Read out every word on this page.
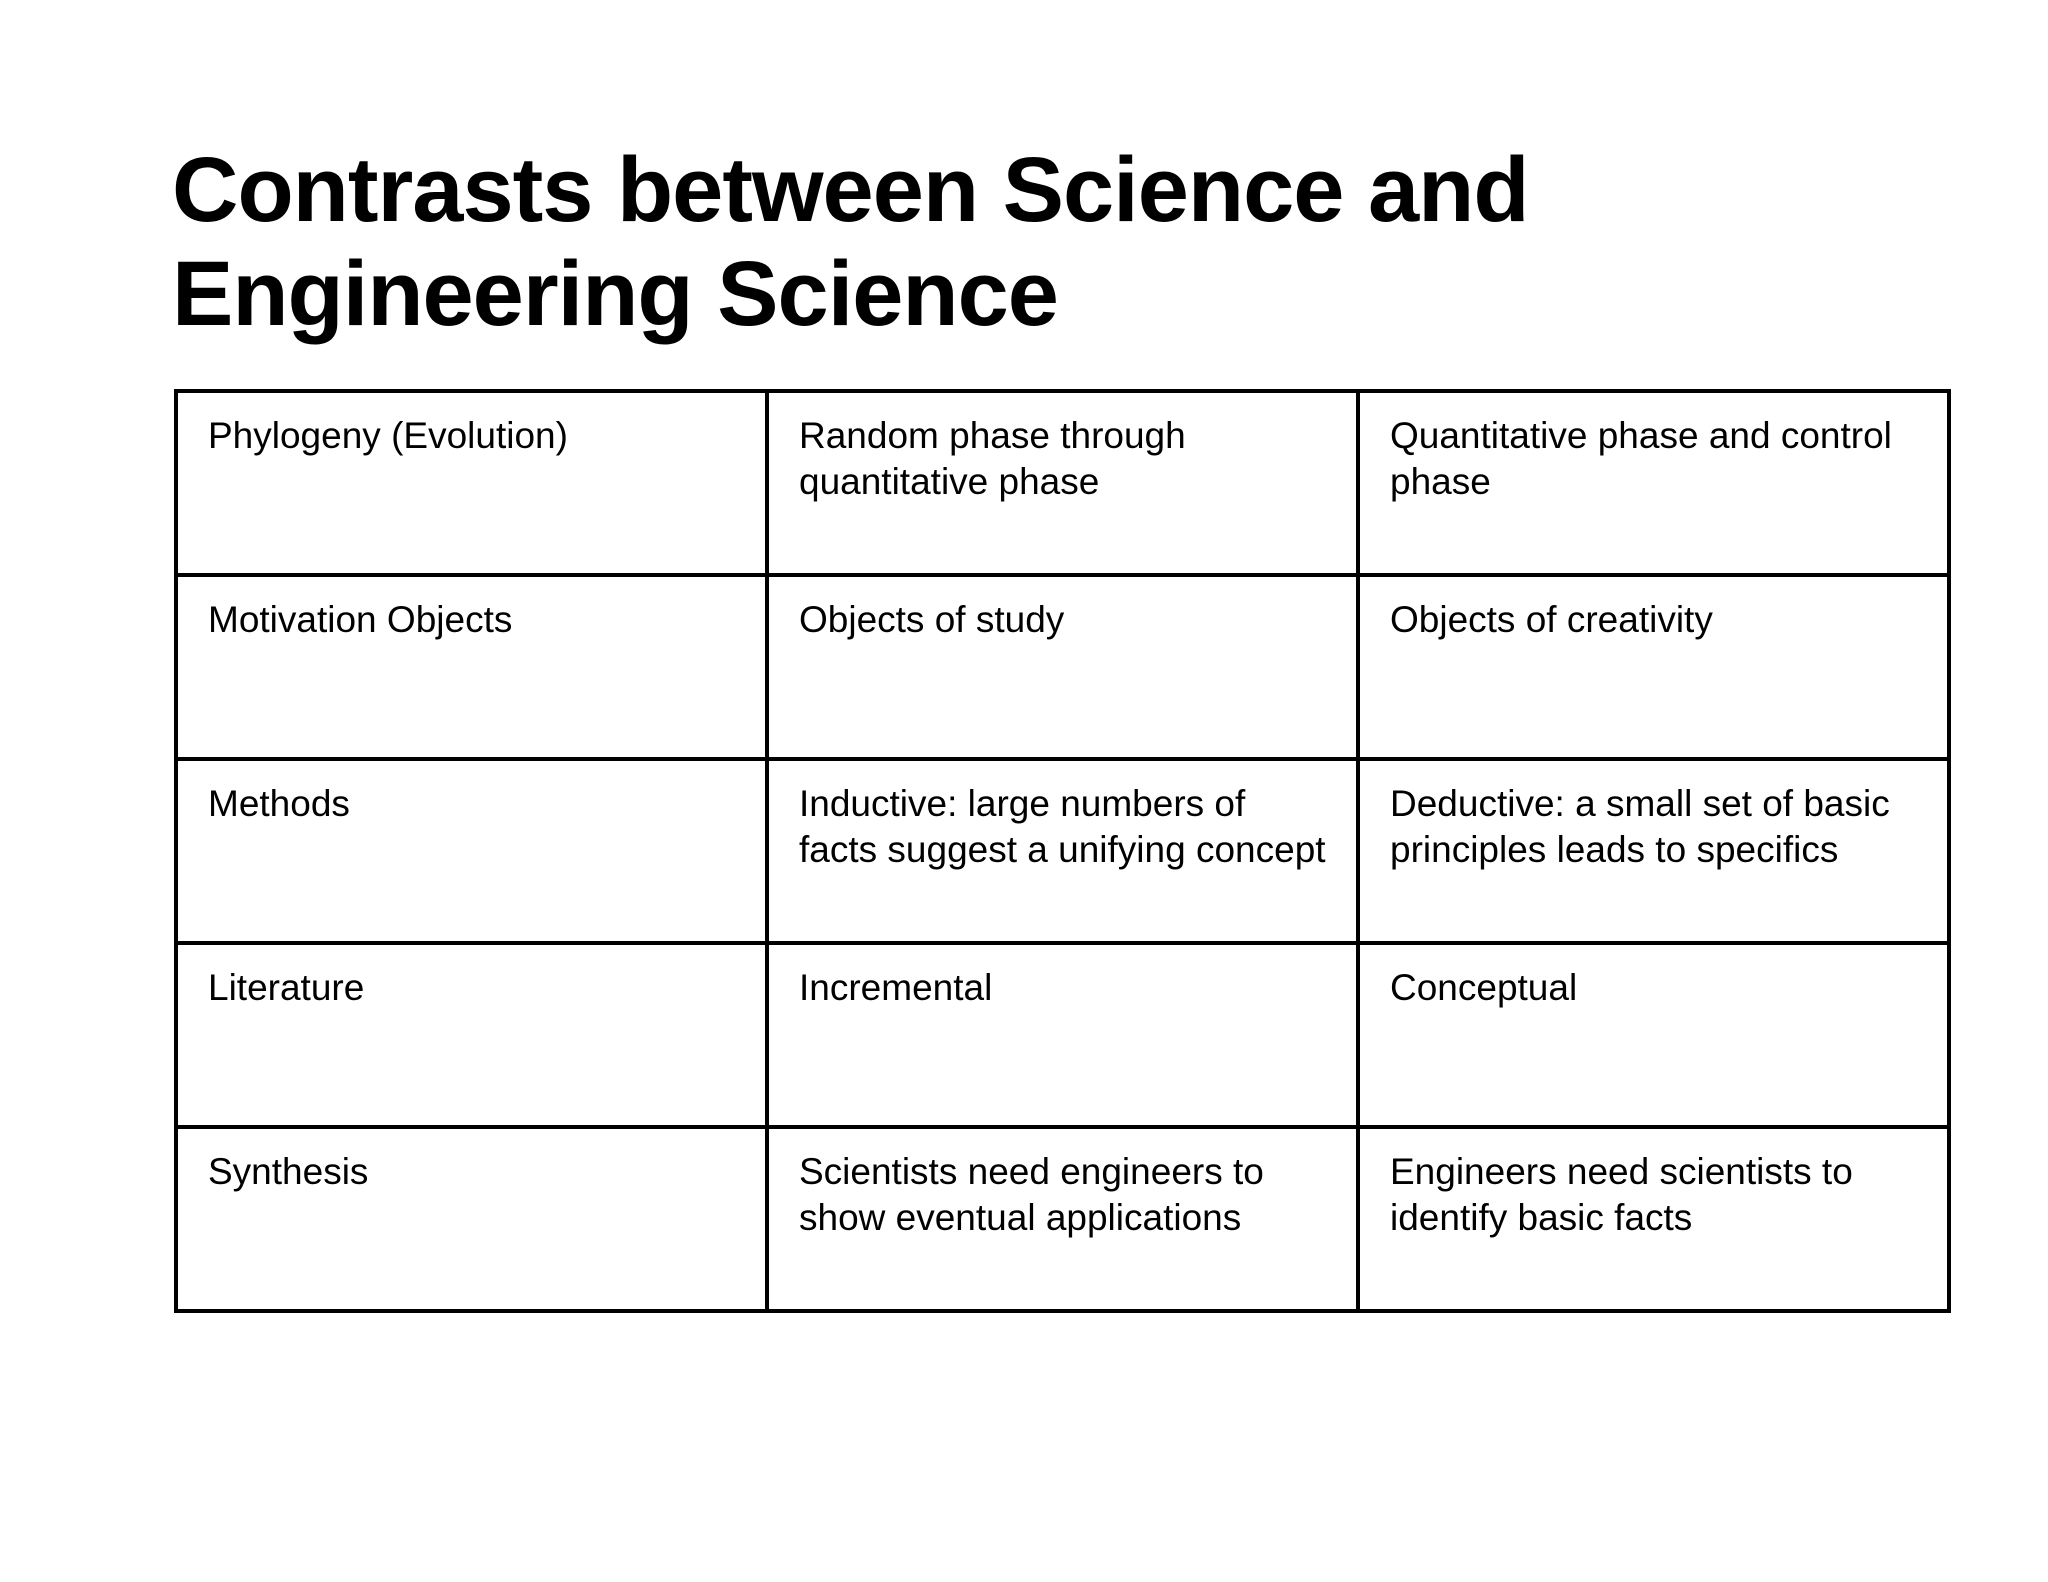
Contrasts between Science and
Engineering Science
Phylogeny (Evolution)	Random phase through quantitative phase	Quantitative phase and control phase
Motivation Objects	Objects of study	Objects of creativity
Methods	Inductive: large numbers of facts suggest a unifying concept	Deductive: a small set of basic principles leads to specifics
Literature	Incremental	Conceptual
Synthesis	Scientists need engineers to show eventual applications	Engineers need scientists to identify basic facts
